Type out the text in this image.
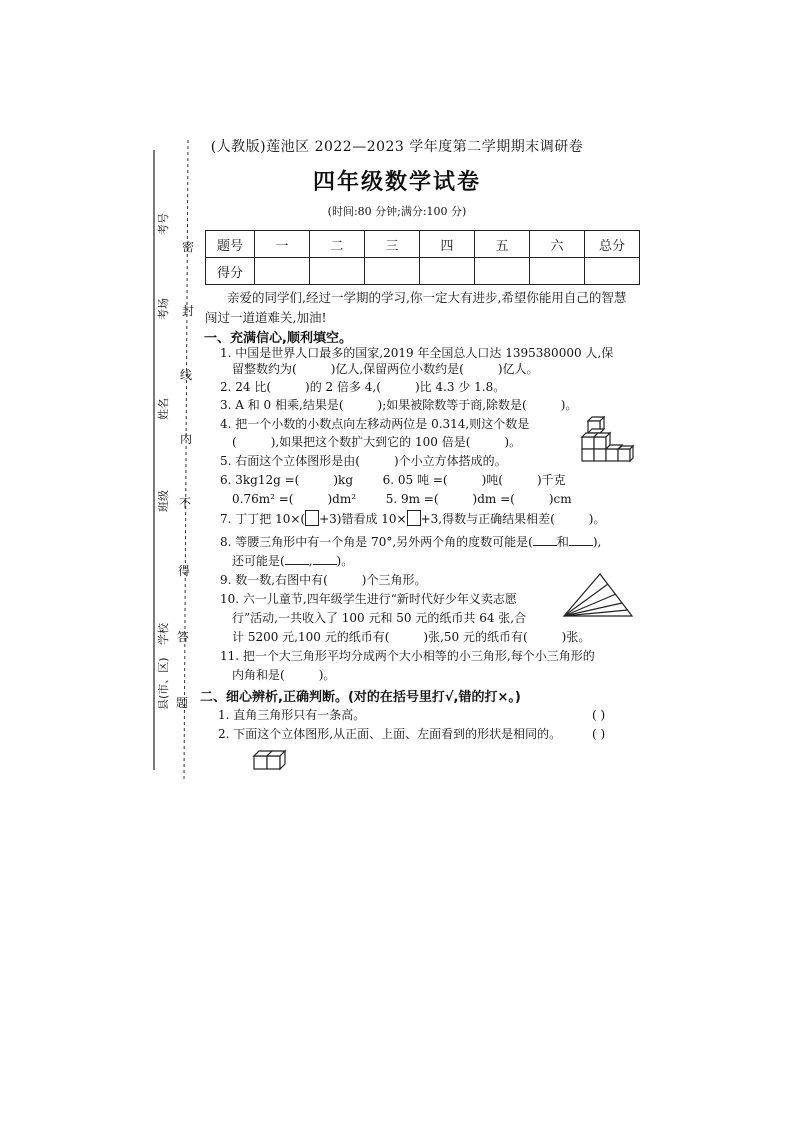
考号
考场
姓名
班级
学校
县(市、区)
密
封
线
内
不
得
答
题
(人教版)莲池区 2022—2023 学年度第二学期期末调研卷
四年级数学试卷
(时间:80 分钟;满分:100 分)
题号	一	二	三	四	五	六	总分
得分							
亲爱的同学们,经过一学期的学习,你一定大有进步,希望你能用自己的智慧闯过一道道难关,加油!
一、充满信心,顺利填空。
1. 中国是世界人口最多的国家,2019 年全国总人口达 1395380000 人,保
留整数约为(	)亿人,保留两位小数约是(	)亿人。
2. 24 比(	)的 2 倍多 4,(	)比 4.3 少 1.8。
3. A 和 0 相乘,结果是(	);如果被除数等于商,除数是(	)。
4. 把一个小数的小数点向左移动两位是 0.314,则这个数是
(	),如果把这个数扩大到它的 100 倍是(	)。
5. 右面这个立体图形是由(	)个小立方体搭成的。
6. 3kg12g =(	)kg 6. 05 吨 =(	)吨(	)千克
0.76m² =(	)dm² 5. 9m =(	)dm =(	)cm
7. 丁丁把 10×( +3)错看成 10× +3,得数与正确结果相差(	)。
8. 等腰三角形中有一个角是 70°,另外两个角的度数可能是( 和 ),
还可能是( , )。
9. 数一数,右图中有(	)个三角形。
10. 六一儿童节,四年级学生进行“新时代好少年义卖志愿
行”活动,一共收入了 100 元和 50 元的纸币共 64 张,合
计 5200 元,100 元的纸币有(	)张,50 元的纸币有(	)张。
11. 把一个大三角形平均分成两个大小相等的小三角形,每个小三角形的
内角和是(	)。
二、细心辨析,正确判断。(对的在括号里打√,错的打×。)
1. 直角三角形只有一条高。	( )
2. 下面这个立体图形,从正面、上面、左面看到的形状是相同的。	( )
